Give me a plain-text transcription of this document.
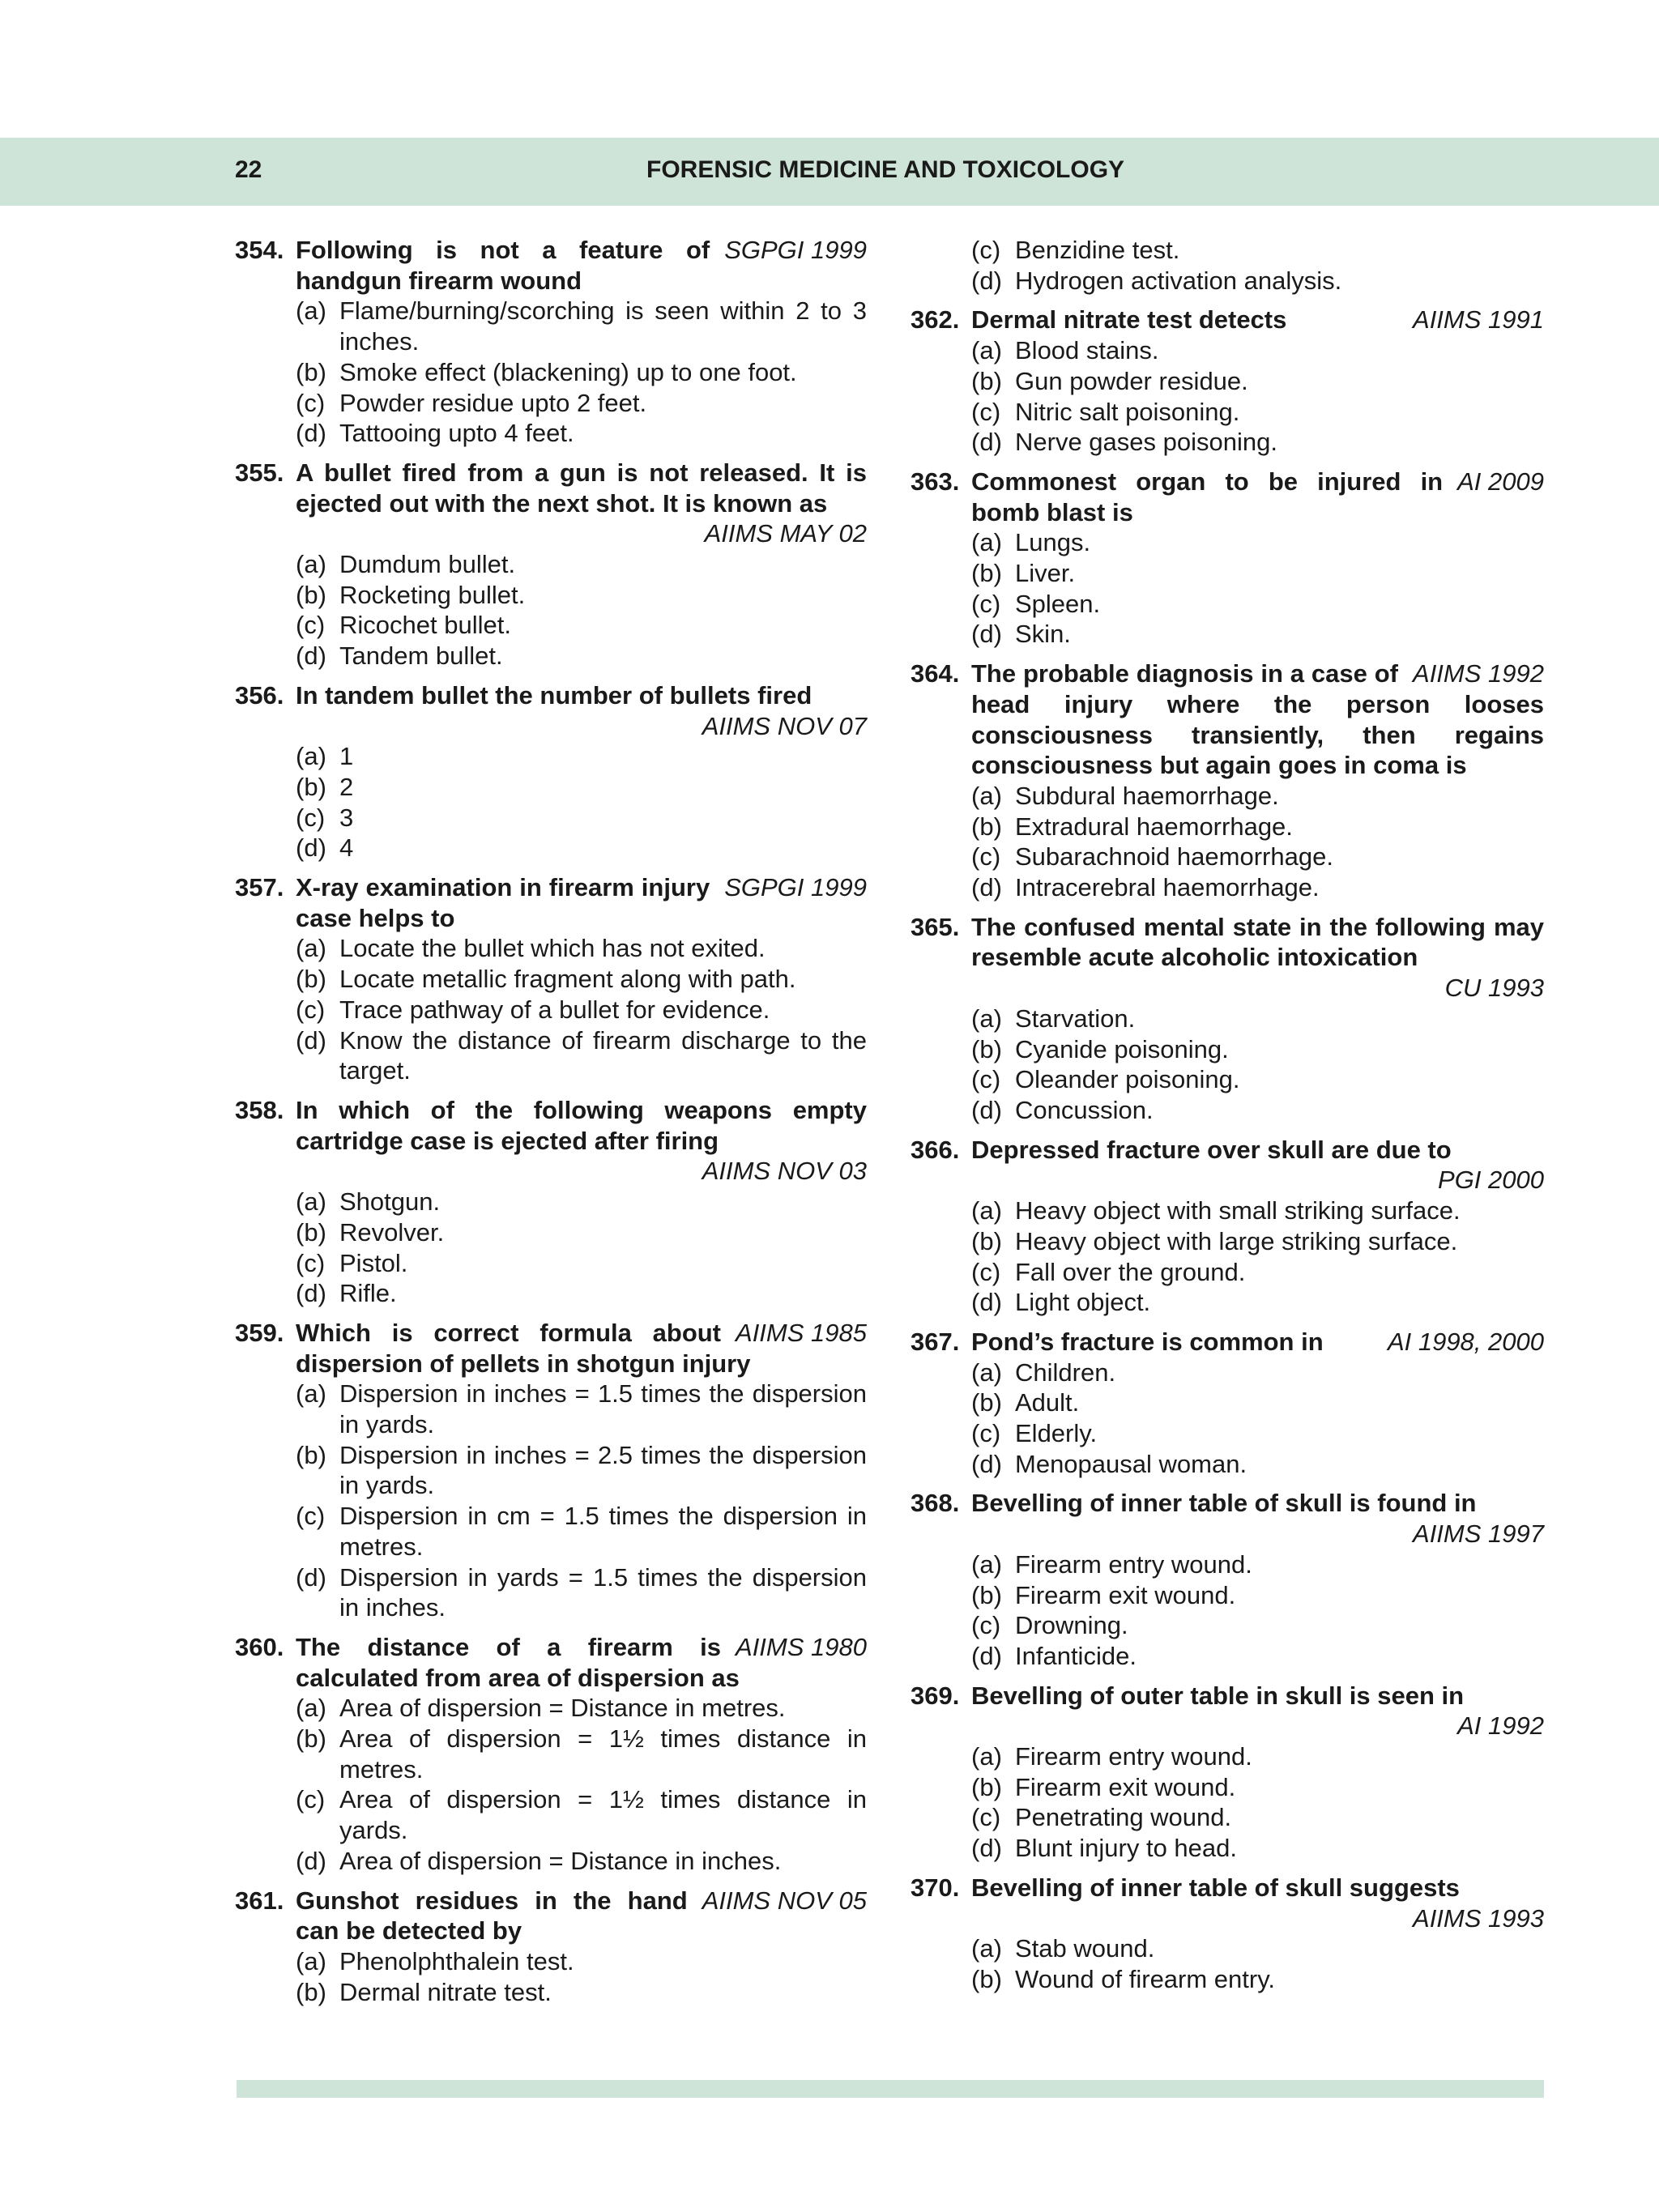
22	FORENSIC MEDICINE AND TOXICOLOGY
354.	SGPGI 1999
Following is not a feature of handgun firearm wound
(a) Flame/burning/scorching is seen within 2 to 3 inches.
(b) Smoke effect (blackening) up to one foot.
(c) Powder residue upto 2 feet.
(d) Tattooing upto 4 feet.
355. A bullet fired from a gun is not released. It is ejected out with the next shot. It is known as
AIIMS MAY 02
(a) Dumdum bullet.
(b) Rocketing bullet.
(c) Ricochet bullet.
(d) Tandem bullet.
356. In tandem bullet the number of bullets fired
AIIMS NOV 07
(a) 1
(b) 2
(c) 3
(d) 4
357.	SGPGI 1999
X-ray examination in firearm injury case helps to
(a) Locate the bullet which has not exited.
(b) Locate metallic fragment along with path.
(c) Trace pathway of a bullet for evidence.
(d) Know the distance of firearm discharge to the target.
358. In which of the following weapons empty cartridge case is ejected after firing
AIIMS NOV 03
(a) Shotgun.
(b) Revolver.
(c) Pistol.
(d) Rifle.
359.	AIIMS 1985
Which is correct formula about dispersion of pellets in shotgun injury
(a) Dispersion in inches = 1.5 times the dispersion in yards.
(b) Dispersion in inches = 2.5 times the dispersion in yards.
(c) Dispersion in cm = 1.5 times the dispersion in metres.
(d) Dispersion in yards = 1.5 times the dispersion in inches.
360.	AIIMS 1980
The distance of a firearm is calculated from area of dispersion as
(a) Area of dispersion = Distance in metres.
(b) Area of dispersion = 1½ times distance in metres.
(c) Area of dispersion = 1½ times distance in yards.
(d) Area of dispersion = Distance in inches.
361.	AIIMS NOV 05
Gunshot residues in the hand can be detected by
(a) Phenolphthalein test.
(b) Dermal nitrate test.
(c) Benzidine test.
(d) Hydrogen activation analysis.
362.	AIIMS 1991
Dermal nitrate test detects
(a) Blood stains.
(b) Gun powder residue.
(c) Nitric salt poisoning.
(d) Nerve gases poisoning.
363.	AI 2009
Commonest organ to be injured in bomb blast is
(a) Lungs.
(b) Liver.
(c) Spleen.
(d) Skin.
364.	AIIMS 1992
The probable diagnosis in a case of head injury where the person looses consciousness transiently, then regains consciousness but again goes in coma is
(a) Subdural haemorrhage.
(b) Extradural haemorrhage.
(c) Subarachnoid haemorrhage.
(d) Intracerebral haemorrhage.
365. The confused mental state in the following may resemble acute alcoholic intoxication
CU 1993
(a) Starvation.
(b) Cyanide poisoning.
(c) Oleander poisoning.
(d) Concussion.
366. Depressed fracture over skull are due to
PGI 2000
(a) Heavy object with small striking surface.
(b) Heavy object with large striking surface.
(c) Fall over the ground.
(d) Light object.
367.	AI 1998, 2000
Pond’s fracture is common in
(a) Children.
(b) Adult.
(c) Elderly.
(d) Menopausal woman.
368. Bevelling of inner table of skull is found in
AIIMS 1997
(a) Firearm entry wound.
(b) Firearm exit wound.
(c) Drowning.
(d) Infanticide.
369. Bevelling of outer table in skull is seen in
AI 1992
(a) Firearm entry wound.
(b) Firearm exit wound.
(c) Penetrating wound.
(d) Blunt injury to head.
370. Bevelling of inner table of skull suggests
AIIMS 1993
(a) Stab wound.
(b) Wound of firearm entry.
